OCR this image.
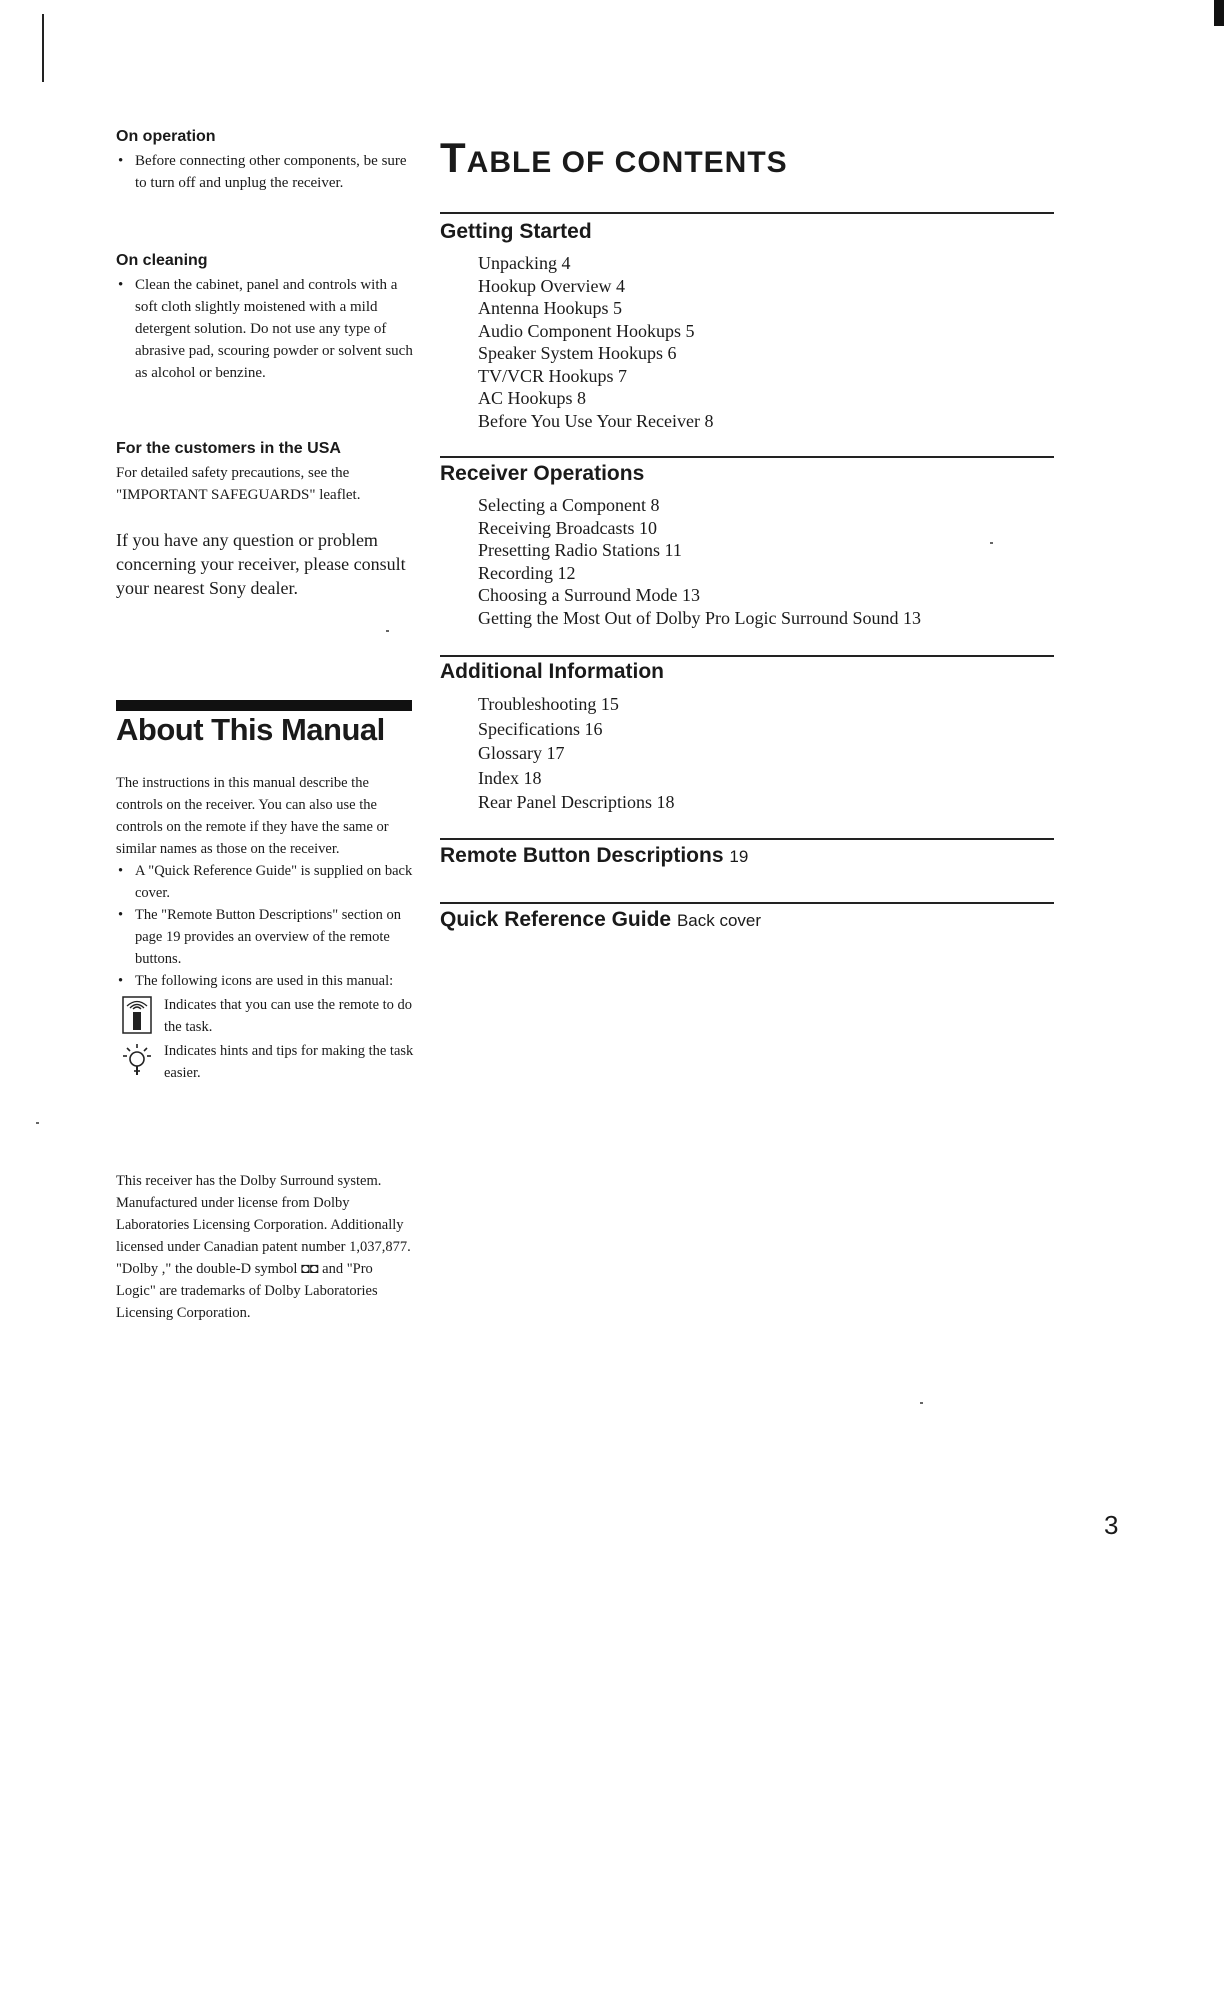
On operation
• Before connecting other components, be sure to turn off and unplug the receiver.
On cleaning
• Clean the cabinet, panel and controls with a soft cloth slightly moistened with a mild detergent solution. Do not use any type of abrasive pad, scouring powder or solvent such as alcohol or benzine.
For the customers in the USA

For detailed safety precautions, see the "IMPORTANT SAFEGUARDS" leaflet.

If you have any question or problem concerning your receiver, please consult your nearest Sony dealer.

About This Manual

The instructions in this manual describe the controls on the receiver. You can also use the controls on the remote if they have the same or similar names as those on the receiver.

• A "Quick Reference Guide" is supplied on back cover.
• The "Remote Button Descriptions" section on page 19 provides an overview of the remote buttons.
• The following icons are used in this manual:
Indicates that you can use the remote to do the task.
Indicates hints and tips for making the task easier.

This receiver has the Dolby Surround system.
Manufactured under license from Dolby Laboratories Licensing Corporation. Additionally licensed under Canadian patent number 1,037,877. "Dolby ," the double-D symbol ◘◘ and "Pro Logic" are trademarks of Dolby Laboratories Licensing Corporation.

TABLE OF CONTENTS
Getting Started
Unpacking 4
Hookup Overview 4
Antenna Hookups 5
Audio Component Hookups 5
Speaker System Hookups 6
TV/VCR Hookups 7
AC Hookups 8
Before You Use Your Receiver 8
Receiver Operations
Selecting a Component 8
Receiving Broadcasts 10
Presetting Radio Stations 11
Recording 12
Choosing a Surround Mode 13
Getting the Most Out of Dolby Pro Logic Surround Sound 13
Additional Information
Troubleshooting 15
Specifications 16
Glossary 17
Index 18
Rear Panel Descriptions 18
Remote Button Descriptions 19
Quick Reference Guide Back cover

3
